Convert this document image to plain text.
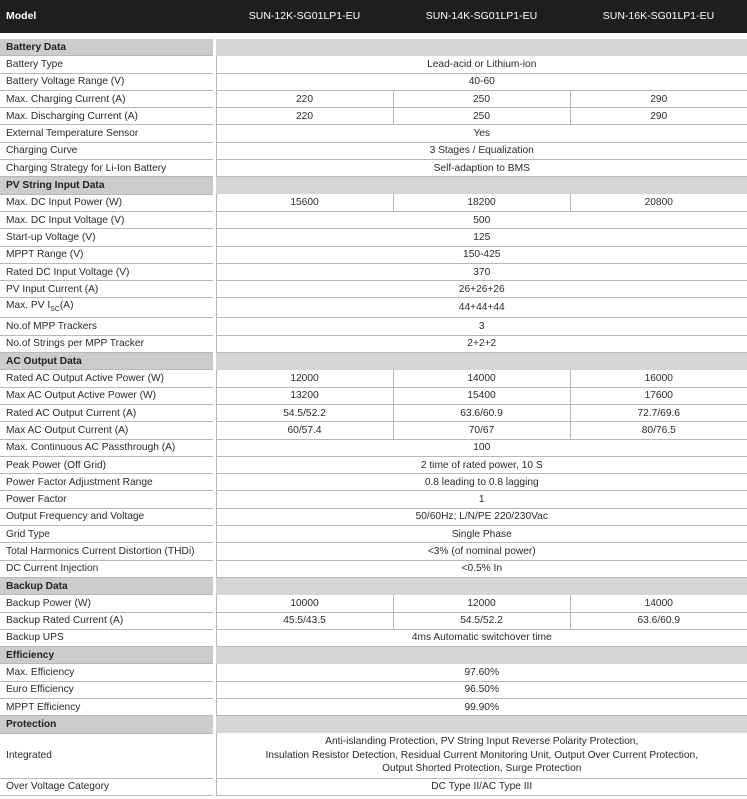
Model		SUN-12K-SG01LP1-EU	SUN-14K-SG01LP1-EU	SUN-16K-SG01LP1-EU

Battery Data				
Battery Type		Lead-acid or Lithium-ion		
Battery Voltage Range (V)		40-60		
Max. Charging Current (A)		220	250	290
Max. Discharging Current (A)		220	250	290
External Temperature Sensor		Yes		
Charging Curve		3 Stages / Equalization		
Charging Strategy for Li-Ion Battery		Self-adaption to BMS		
PV String Input Data				
Max. DC Input Power (W)		15600	18200	20800
Max. DC Input Voltage (V)		500		
Start-up Voltage (V)		125		
MPPT Range (V)		150-425		
Rated DC Input Voltage (V)		370		
PV Input Current (A)		26+26+26		
Max. PV $I_{SC}(A)$		44+44+44		
No.of MPP Trackers		3		
No.of Strings per MPP Tracker		2+2+2		
AC Output Data				
Rated AC Output Active Power (W)		12000	14000	16000
Max AC Output Active Power (W)		13200	15400	17600
Rated AC Output Current (A)		54.5/52.2	63.6/60.9	72.7/69.6
Max AC Output Current (A)		60/57.4	70/67	80/76.5
Max. Continuous AC Passthrough (A)		100		
Peak Power (Off Grid)		2 time of rated power, 10 S		
Power Factor Adjustment Range		0.8 leading to 0.8 lagging		
Power Factor		1		
Output Frequency and Voltage		50/60Hz; L/N/PE 220/230Vac		
Grid Type		Single Phase		
Total Harmonics Current Distortion (THDi)		<3% (of nominal power)		
DC Current Injection		<0.5% In		
Backup Data				
Backup Power (W)		10000	12000	14000
Backup Rated Current (A)		45.5/43.5	54.5/52.2	63.6/60.9
Backup UPS		4ms Automatic switchover time		
Efficiency				
Max. Efficiency		97.60%		
Euro Efficiency		96.50%		
MPPT Efficiency		99.90%		
Protection				
Integrated		Anti-islanding Protection, PV String Input Reverse Polarity Protection,
Insulation Resistor Detection, Residual Current Monitoring Unit, Output Over Current Protection,
Output Shorted Protection, Surge Protection		
Over Voltage Category		DC Type II/AC Type III		
